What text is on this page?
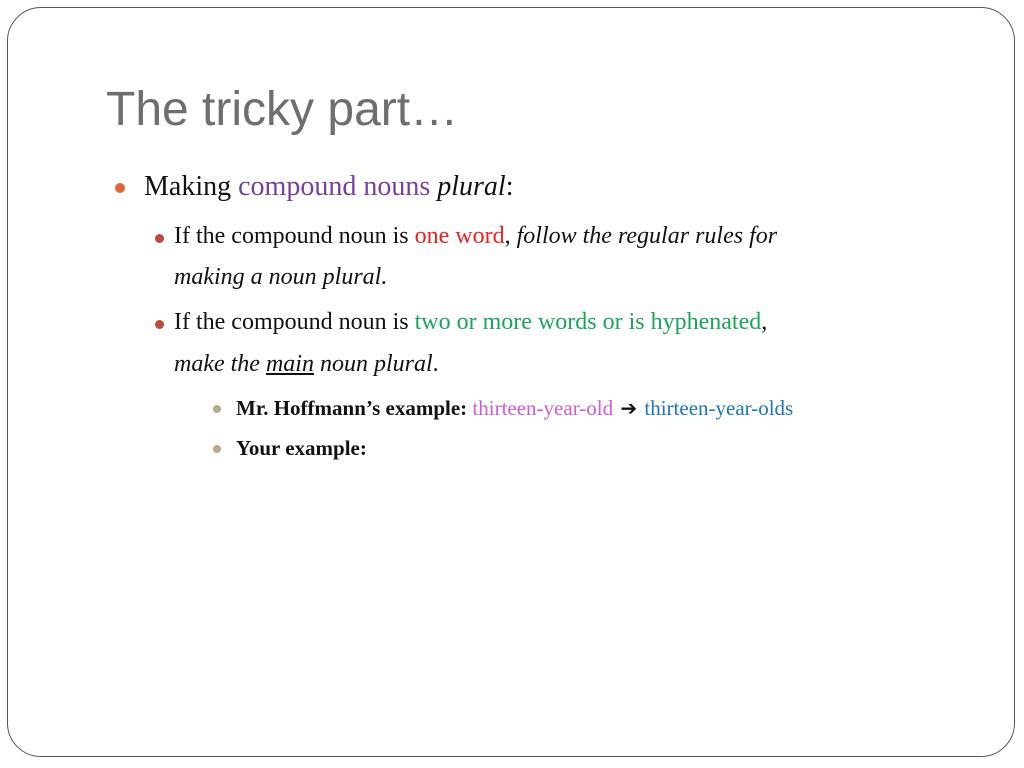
The tricky part…
Making compound nouns plural:
If the compound noun is one word, follow the regular rules for
making a noun plural.
If the compound noun is two or more words or is hyphenated,
make the main noun plural.
Mr. Hoffmann’s example: thirteen-year-old ➔ thirteen-year-olds
Your example:
